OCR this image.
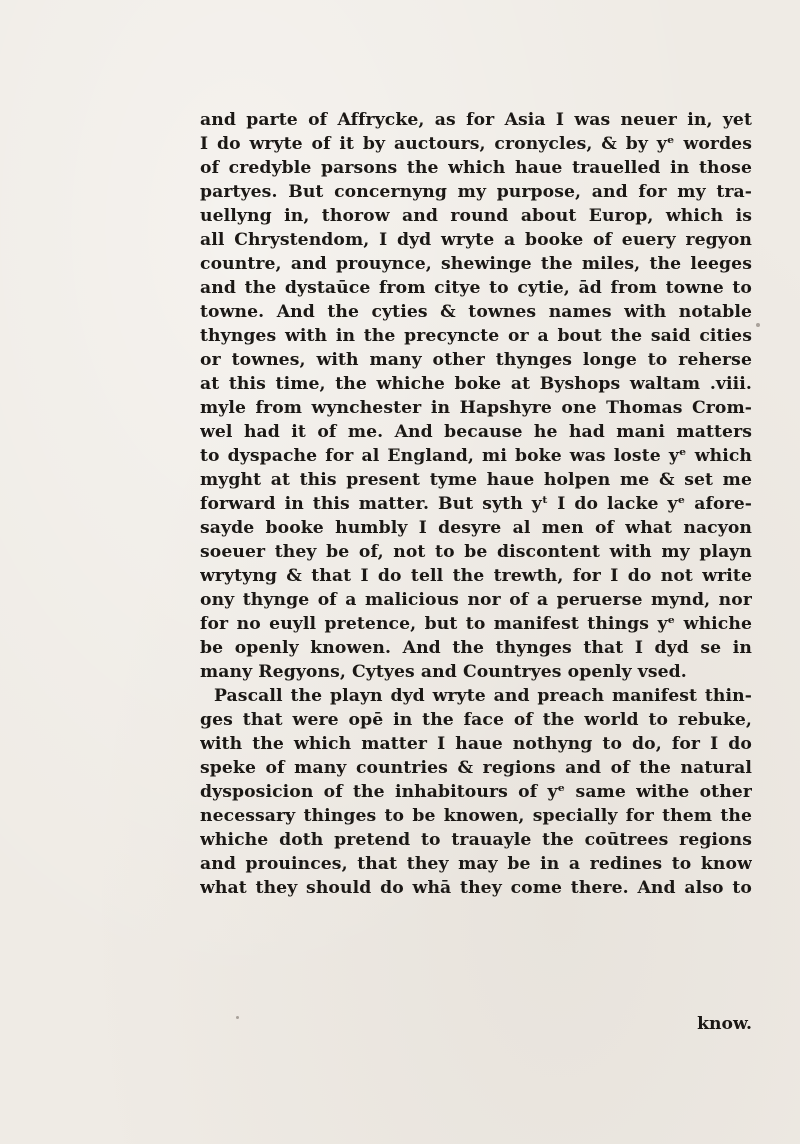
and parte of Affrycke, as for Asia I was neuer in, yet
I do wryte of it by auctours, cronycles, & by yᵉ wordes
of credyble parsons the which haue trauelled in those
partyes. But concernyng my purpose, and for my tra-
uellyng in, thorow and round about Europ, which is
all Chrystendom, I dyd wryte a booke of euery regyon
countre, and prouynce, shewinge the miles, the leeges
and the dystaūce from citye to cytie, ād from towne to
towne. And the cyties & townes names with notable
thynges with in the precyncte or a bout the said cities
or townes, with many other thynges longe to reherse
at this time, the whiche boke at Byshops waltam .viii.
myle from wynchester in Hapshyre one Thomas Crom-
wel had it of me. And because he had mani matters
to dyspache for al England, mi boke was loste yᵉ which
myght at this present tyme haue holpen me & set me
forward in this matter. But syth yᵗ I do lacke yᵉ afore-
sayde booke humbly I desyre al men of what nacyon
soeuer they be of, not to be discontent with my playn
wrytyng & that I do tell the trewth, for I do not write
ony thynge of a malicious nor of a peruerse mynd, nor
for no euyll pretence, but to manifest things yᵉ whiche
be openly knowen. And the thynges that I dyd se in
many Regyons, Cytyes and Countryes openly vsed.
Pascall the playn dyd wryte and preach manifest thin-
ges that were opē in the face of the world to rebuke,
with the which matter I haue nothyng to do, for I do
speke of many countries & regions and of the natural
dysposicion of the inhabitours of yᵉ same withe other
necessary thinges to be knowen, specially for them the
whiche doth pretend to trauayle the coūtrees regions
and prouinces, that they may be in a redines to know
what they should do whā they come there. And also to
know.
